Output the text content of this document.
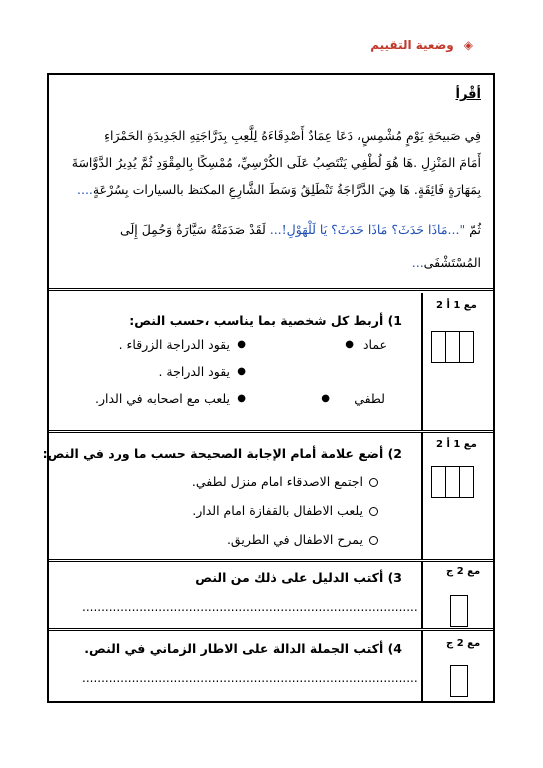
◈
وضعية التقييم
أقْرأ
فِي صَبيحَةِ يَوْمٍ مُشْمِسٍ، دَعَا عِمَادٌ أَصْدِقَاءَهُ لِلَّعِبِ بِدَرَّاجَتِهِ الجَدِيدَةِ الحَمْرَاءِ
أَمَامَ المَنْزِلِ .هَا هُوَ لُطْفِي يَنْتَصِبُ عَلَى الكُرْسِيِّ، مُمْسِكًا بِالمِقْوَدِ ثُمَّ يُدِيرُ الدَّوَّاسَةَ
بِمَهَارَةٍ فَائِقَةٍ. هَا هِيَ الدَّرَّاجَةُ تَنْطَلِقُ وَسَطَ الشَّارِعِ المكتظ بالسيارات بِسُرْعَةٍ....
ثُمّ "...مَاذَا حَدَثَ؟ مَاذَا حَدَثَ؟ يَا لَلْهَوْلِ!... لَقَدْ صَدَمَتْهُ سَيَّارَةٌ وَحُمِلَ إِلَى
المُسْتَشْفَى...
مع 1 أ 2
1) أربط كل شخصية بما يناسب ،حسب النص:
عماد
●
لطفي
●
●
يقود الدراجة الزرقاء .
●
يقود الدراجة .
●
يلعب مع اصحابه في الدار.
مع 1 أ 2
2) أضع علامة أمام الإجابة الصحيحة حسب ما ورد في النص:
اجتمع الاصدقاء امام منزل لطفي.
يلعب الاطفال بالقفازة امام الدار.
يمرح الاطفال في الطريق.
مع 2 ج
3) أكتب الدليل على ذلك من النص
........................................................................................
مع 2 ج
4) أكتب الجملة الدالة على الاطار الزماني في النص.
........................................................................................
